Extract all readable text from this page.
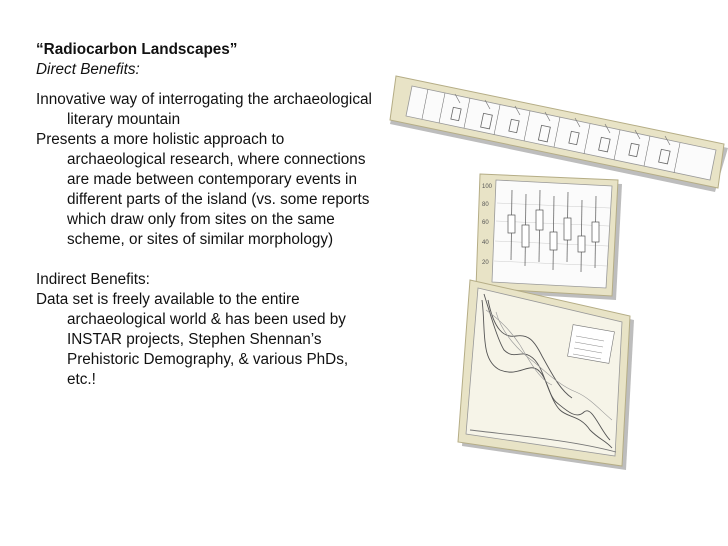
“Radiocarbon Landscapes”
Direct Benefits:
Innovative way of interrogating the archaeological literary mountain
Presents a more holistic approach to archaeological research, where connections are made between contemporary events in different parts of the island (vs. some reports which draw only from sites on the same scheme, or sites of similar morphology)
Indirect Benefits:
Data set is freely available to the entire archaeological world & has been used by INSTAR projects, Stephen Shennan’s Prehistoric Demography, & various PhDs, etc.!
100
80
60
40
20
